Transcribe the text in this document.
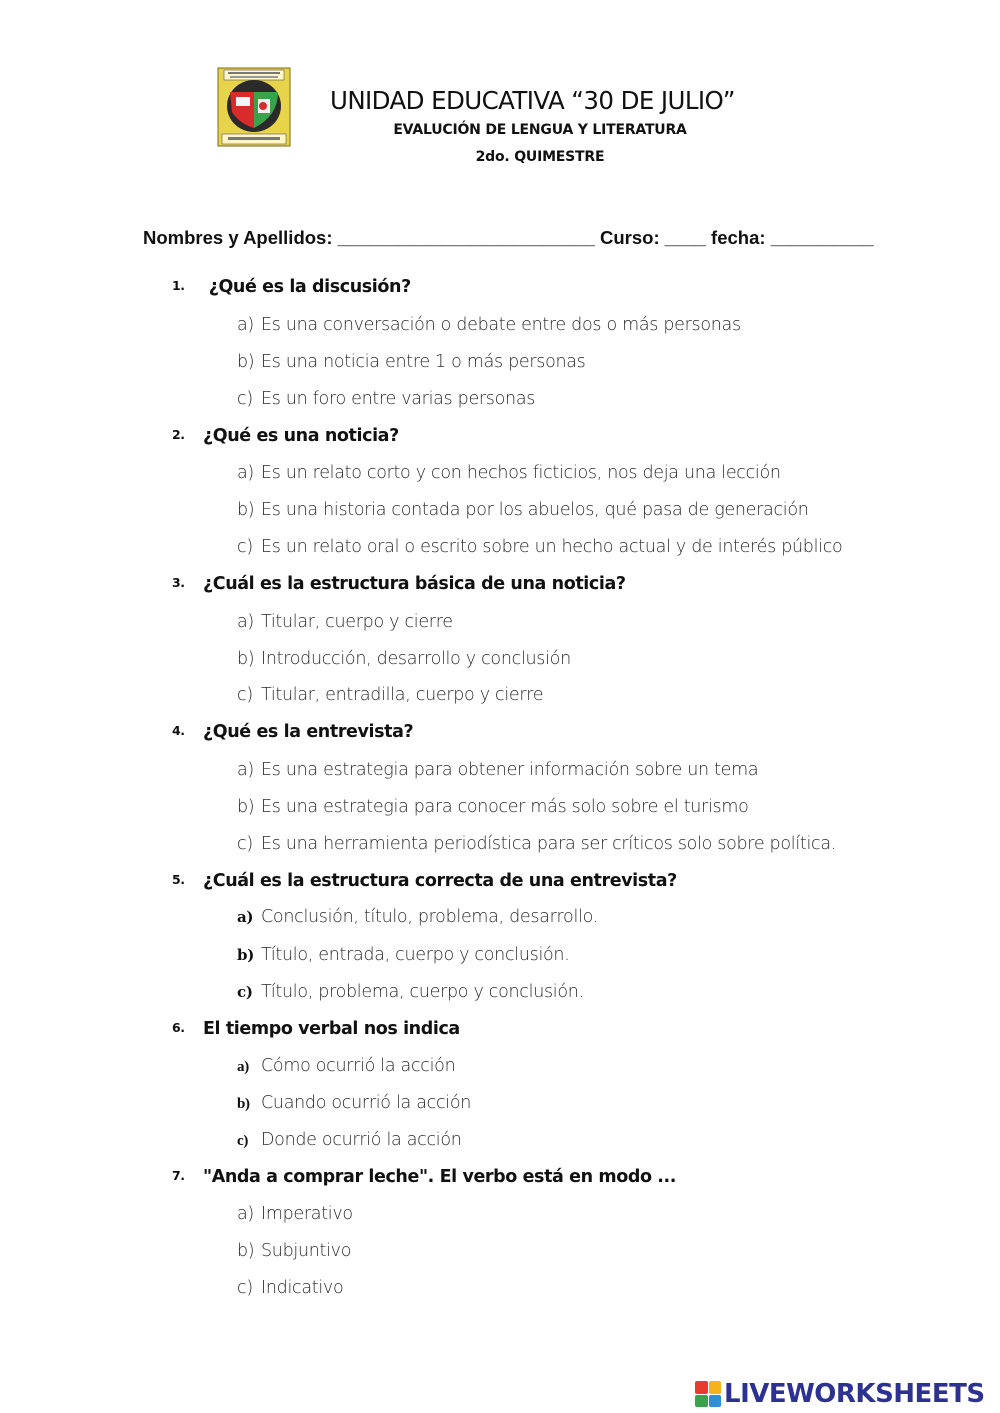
UNIDAD EDUCATIVA “30 DE JULIO”
EVALUCIÓN DE LENGUA Y LITERATURA
2do. QUIMESTRE
Nombres y Apellidos: _________________________ Curso: ____ fecha: __________
1. ¿Qué es la discusión?
a) Es una conversación o debate entre dos o más personas
b) Es una noticia entre 1 o más personas
c) Es un foro entre varias personas
2. ¿Qué es una noticia?
a) Es un relato corto y con hechos ficticios, nos deja una lección
b) Es una historia contada por los abuelos, qué pasa de generación
c) Es un relato oral o escrito sobre un hecho actual y de interés público
3. ¿Cuál es la estructura básica de una noticia?
a) Titular, cuerpo y cierre
b) Introducción, desarrollo y conclusión
c) Titular, entradilla, cuerpo y cierre
4. ¿Qué es la entrevista?
a) Es una estrategia para obtener información sobre un tema
b) Es una estrategia para conocer más solo sobre el turismo
c) Es una herramienta periodística para ser críticos solo sobre política.
5. ¿Cuál es la estructura correcta de una entrevista?
a) Conclusión, título, problema, desarrollo.
b) Título, entrada, cuerpo y conclusión.
c) Título, problema, cuerpo y conclusión.
6. El tiempo verbal nos indica
a) Cómo ocurrió la acción
b) Cuando ocurrió la acción
c) Donde ocurrió la acción
7. "Anda a comprar leche". El verbo está en modo ...
a) Imperativo
b) Subjuntivo
c) Indicativo
LIVEWORKSHEETS
